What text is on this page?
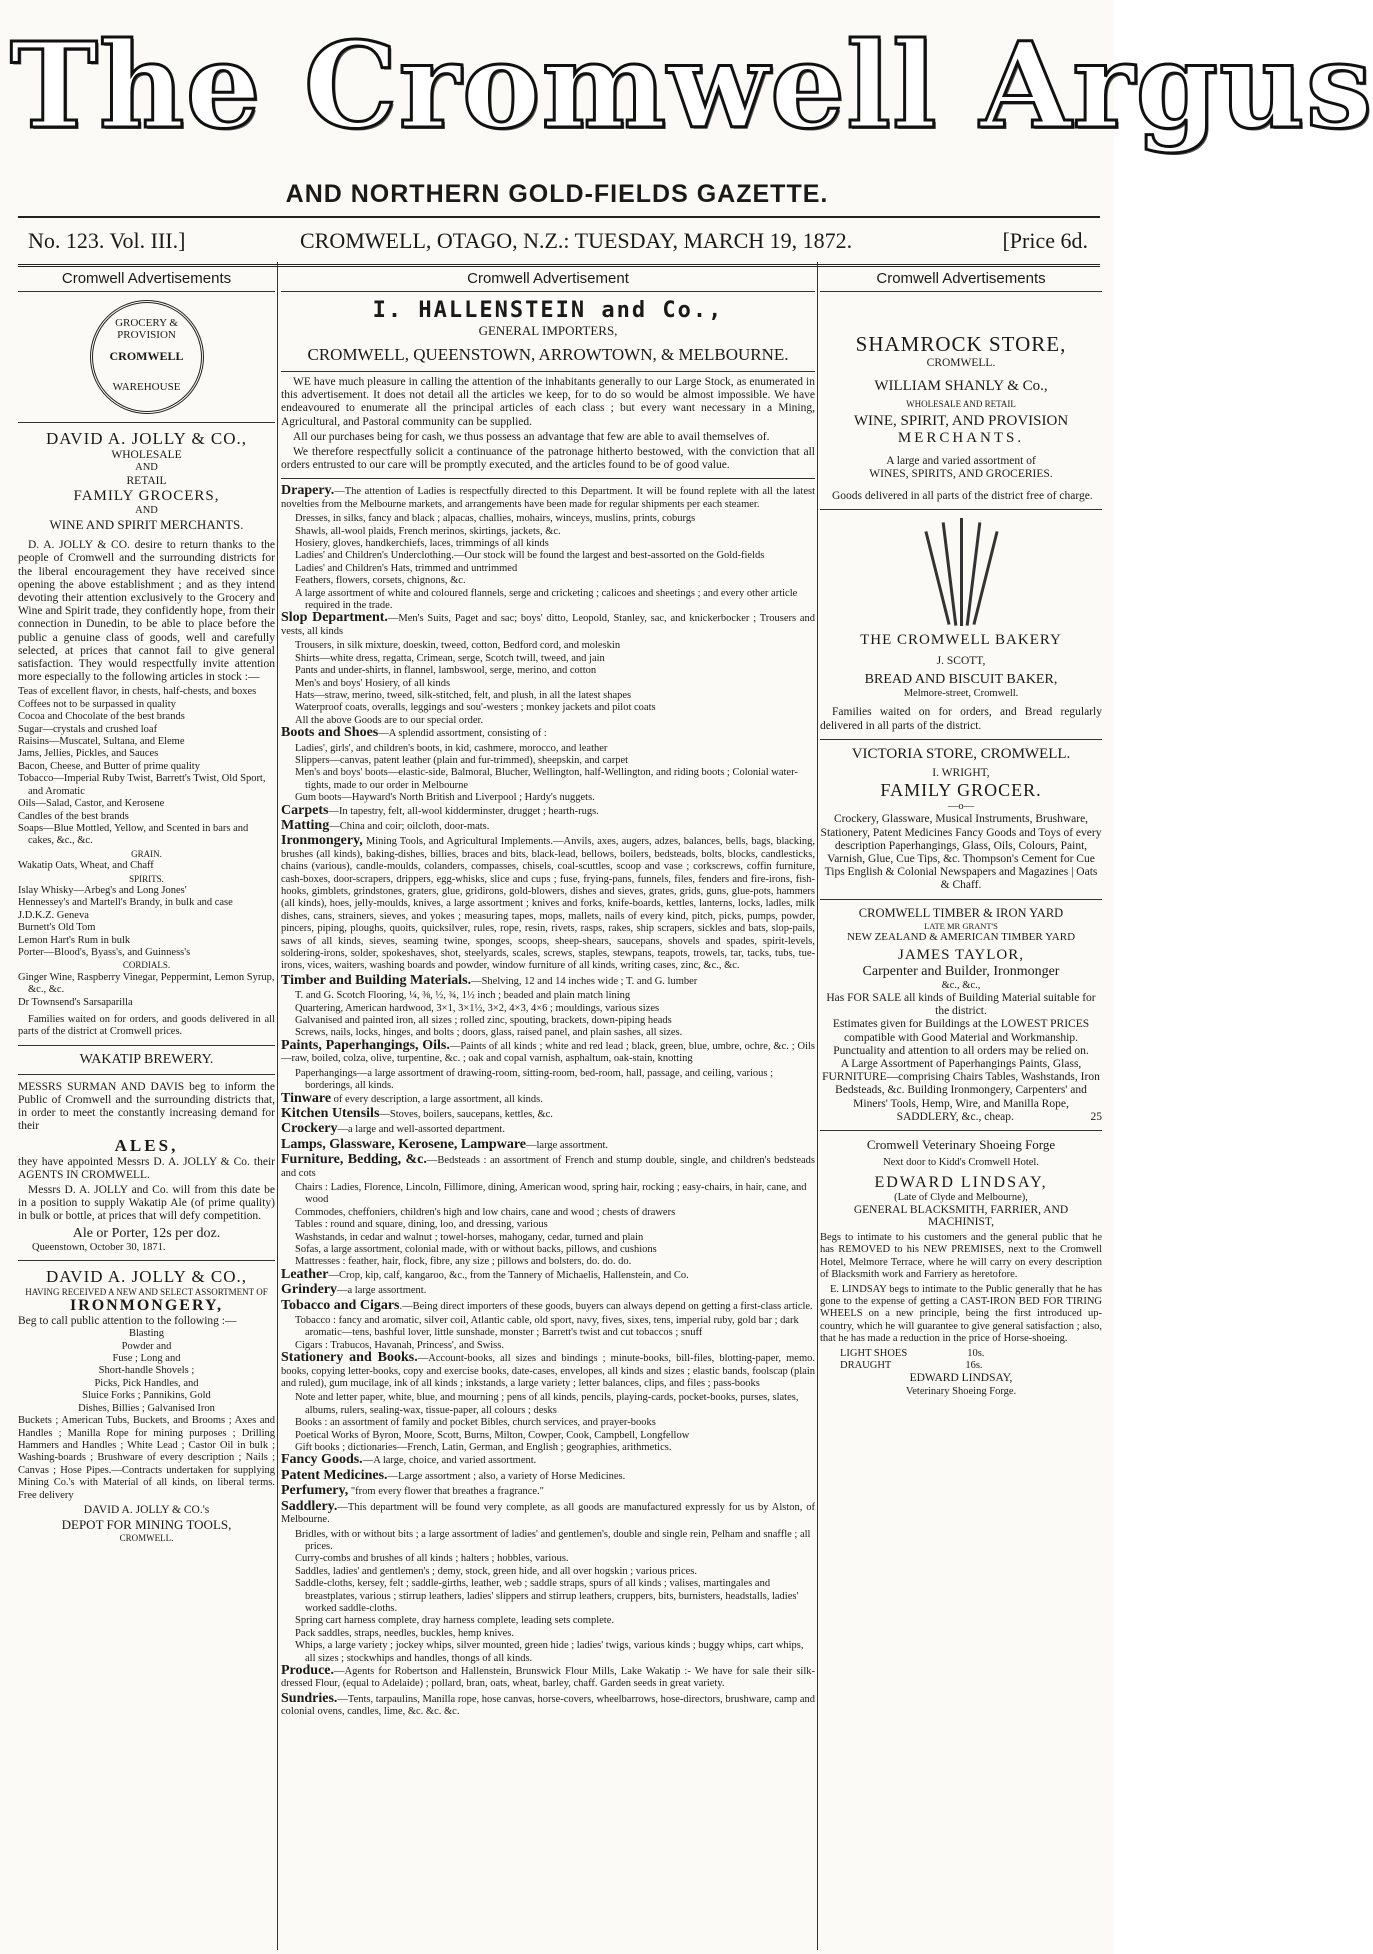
The Cromwell Argus
AND NORTHERN GOLD-FIELDS GAZETTE.
No. 123. Vol. III.]	CROMWELL, OTAGO, N.Z.: TUESDAY, MARCH 19, 1872.	[Price 6d.
Cromwell Advertisements
GROCERY & PROVISION
CROMWELL
WAREHOUSE
DAVID A. JOLLY & CO.,
WHOLESALE
AND
RETAIL
FAMILY GROCERS,
AND
WINE AND SPIRIT MERCHANTS.
D. A. JOLLY & CO. desire to return thanks to the people of Cromwell and the surrounding districts for the liberal encouragement they have received since opening the above establishment ; and as they intend devoting their attention exclusively to the Grocery and Wine and Spirit trade, they confidently hope, from their connection in Dunedin, to be able to place before the public a genuine class of goods, well and carefully selected, at prices that cannot fail to give general satisfaction. They would respectfully invite attention more especially to the following articles in stock :—
Teas of excellent flavor, in chests, half-chests, and boxes
Coffees not to be surpassed in quality
Cocoa and Chocolate of the best brands
Sugar—crystals and crushed loaf
Raisins—Muscatel, Sultana, and Eleme
Jams, Jellies, Pickles, and Sauces
Bacon, Cheese, and Butter of prime quality
Tobacco—Imperial Ruby Twist, Barrett's Twist, Old Sport, and Aromatic
Oils—Salad, Castor, and Kerosene
Candles of the best brands
Soaps—Blue Mottled, Yellow, and Scented in bars and cakes, &c., &c.
GRAIN.
Wakatip Oats, Wheat, and Chaff
SPIRITS.
Islay Whisky—Arbeg's and Long Jones'
Hennessey's and Martell's Brandy, in bulk and case
J.D.K.Z. Geneva
Burnett's Old Tom
Lemon Hart's Rum in bulk
Porter—Blood's, Byass's, and Guinness's
CORDIALS.
Ginger Wine, Raspberry Vinegar, Peppermint, Lemon Syrup, &c., &c.
Dr Townsend's Sarsaparilla
Families waited on for orders, and goods delivered in all parts of the district at Cromwell prices.
WAKATIP BREWERY.
MESSRS SURMAN AND DAVIS beg to inform the Public of Cromwell and the surrounding districts that, in order to meet the constantly increasing demand for their
ALES,
they have appointed Messrs D. A. JOLLY & Co. their AGENTS IN CROMWELL.
Messrs D. A. JOLLY and Co. will from this date be in a position to supply Wakatip Ale (of prime quality) in bulk or bottle, at prices that will defy competition.
Ale or Porter, 12s per doz.
Queenstown, October 30, 1871.
DAVID A. JOLLY & CO.,
HAVING RECEIVED A NEW AND SELECT ASSORTMENT OF
IRONMONGERY,
Beg to call public attention to the following :—
Blasting
Powder and
Fuse ; Long and
Short-handle Shovels ;
Picks, Pick Handles, and
Sluice Forks ; Pannikins, Gold
Dishes, Billies ; Galvanised Iron
Buckets ; American Tubs, Buckets, and Brooms ; Axes and Handles ; Manilla Rope for mining purposes ; Drilling Hammers and Handles ; White Lead ; Castor Oil in bulk ; Washing-boards ; Brushware of every description ; Nails ; Canvas ; Hose Pipes.—Contracts undertaken for supplying Mining Co.'s with Material of all kinds, on liberal terms. Free delivery
DAVID A. JOLLY & CO.'s
DEPOT FOR MINING TOOLS,
CROMWELL.
Cromwell Advertisement
I. HALLENSTEIN and Co.,
GENERAL IMPORTERS,
CROMWELL, QUEENSTOWN, ARROWTOWN, & MELBOURNE.
WE have much pleasure in calling the attention of the inhabitants generally to our Large Stock, as enumerated in this advertisement. It does not detail all the articles we keep, for to do so would be almost impossible. We have endeavoured to enumerate all the principal articles of each class ; but every want necessary in a Mining, Agricultural, and Pastoral community can be supplied.
All our purchases being for cash, we thus possess an advantage that few are able to avail themselves of.
We therefore respectfully solicit a continuance of the patronage hitherto bestowed, with the conviction that all orders entrusted to our care will be promptly executed, and the articles found to be of good value.
Drapery.—The attention of Ladies is respectfully directed to this Department. It will be found replete with all the latest novelties from the Melbourne markets, and arrangements have been made for regular shipments per each steamer.
Dresses, in silks, fancy and black ; alpacas, challies, mohairs, winceys, muslins, prints, coburgs
Shawls, all-wool plaids, French merinos, skirtings, jackets, &c.
Hosiery, gloves, handkerchiefs, laces, trimmings of all kinds
Ladies' and Children's Underclothing.—Our stock will be found the largest and best-assorted on the Gold-fields
Ladies' and Children's Hats, trimmed and untrimmed
Feathers, flowers, corsets, chignons, &c.
A large assortment of white and coloured flannels, serge and cricketing ; calicoes and sheetings ; and every other article required in the trade.
Slop Department.—Men's Suits, Paget and sac; boys' ditto, Leopold, Stanley, sac, and knickerbocker ; Trousers and vests, all kinds
Trousers, in silk mixture, doeskin, tweed, cotton, Bedford cord, and moleskin
Shirts—white dress, regatta, Crimean, serge, Scotch twill, tweed, and jain
Pants and under-shirts, in flannel, lambswool, serge, merino, and cotton
Men's and boys' Hosiery, of all kinds
Hats—straw, merino, tweed, silk-stitched, felt, and plush, in all the latest shapes
Waterproof coats, overalls, leggings and sou'-westers ; monkey jackets and pilot coats
All the above Goods are to our special order.
Boots and Shoes—A splendid assortment, consisting of :
Ladies', girls', and children's boots, in kid, cashmere, morocco, and leather
Slippers—canvas, patent leather (plain and fur-trimmed), sheepskin, and carpet
Men's and boys' boots—elastic-side, Balmoral, Blucher, Wellington, half-Wellington, and riding boots ; Colonial water-tights, made to our order in Melbourne
Gum boots—Hayward's North British and Liverpool ; Hardy's nuggets.
Carpets—In tapestry, felt, all-wool kidderminster, drugget ; hearth-rugs.
Matting—China and coir; oilcloth, door-mats.
Ironmongery, Mining Tools, and Agricultural Implements.—Anvils, axes, augers, adzes, balances, bells, bags, blacking, brushes (all kinds), baking-dishes, billies, braces and bits, black-lead, bellows, boilers, bedsteads, bolts, blocks, candlesticks, chains (various), candle-moulds, colanders, compasses, chisels, coal-scuttles, scoop and vase ; corkscrews, coffin furniture, cash-boxes, door-scrapers, drippers, egg-whisks, slice and cups ; fuse, frying-pans, funnels, files, fenders and fire-irons, fish-hooks, gimblets, grindstones, graters, glue, gridirons, gold-blowers, dishes and sieves, grates, grids, guns, glue-pots, hammers (all kinds), hoes, jelly-moulds, knives, a large assortment ; knives and forks, knife-boards, kettles, lanterns, locks, ladles, milk dishes, cans, strainers, sieves, and yokes ; measuring tapes, mops, mallets, nails of every kind, pitch, picks, pumps, powder, pincers, piping, ploughs, quoits, quicksilver, rules, rope, resin, rivets, rasps, rakes, ship scrapers, sickles and bats, slop-pails, saws of all kinds, sieves, seaming twine, sponges, scoops, sheep-shears, saucepans, shovels and spades, spirit-levels, soldering-irons, solder, spokeshaves, shot, steelyards, scales, screws, staples, stewpans, teapots, trowels, tar, tacks, tubs, tue-irons, vices, waiters, washing boards and powder, window furniture of all kinds, writing cases, zinc, &c., &c.
Timber and Building Materials.—Shelving, 12 and 14 inches wide ; T. and G. lumber
T. and G. Scotch Flooring, ¼, ⅜, ½, ¾, 1½ inch ; beaded and plain match lining
Quartering, American hardwood, 3×1, 3×1½, 3×2, 4×3, 4×6 ; mouldings, various sizes
Galvanised and painted iron, all sizes ; rolled zinc, spouting, brackets, down-piping heads
Screws, nails, locks, hinges, and bolts ; doors, glass, raised panel, and plain sashes, all sizes.
Paints, Paperhangings, Oils.—Paints of all kinds ; white and red lead ; black, green, blue, umbre, ochre, &c. ; Oils—raw, boiled, colza, olive, turpentine, &c. ; oak and copal varnish, asphaltum, oak-stain, knotting
Paperhangings—a large assortment of drawing-room, sitting-room, bed-room, hall, passage, and ceiling, various ; borderings, all kinds.
Tinware of every description, a large assortment, all kinds.
Kitchen Utensils—Stoves, boilers, saucepans, kettles, &c.
Crockery—a large and well-assorted department.
Lamps, Glassware, Kerosene, Lampware—large assortment.
Furniture, Bedding, &c.—Bedsteads : an assortment of French and stump double, single, and children's bedsteads and cots
Chairs : Ladies, Florence, Lincoln, Fillimore, dining, American wood, spring hair, rocking ; easy-chairs, in hair, cane, and wood
Commodes, cheffoniers, children's high and low chairs, cane and wood ; chests of drawers
Tables : round and square, dining, loo, and dressing, various
Washstands, in cedar and walnut ; towel-horses, mahogany, cedar, turned and plain
Sofas, a large assortment, colonial made, with or without backs, pillows, and cushions
Mattresses : feather, hair, flock, fibre, any size ; pillows and bolsters, do. do. do.
Leather—Crop, kip, calf, kangaroo, &c., from the Tannery of Michaelis, Hallenstein, and Co.
Grindery—a large assortment.
Tobacco and Cigars.—Being direct importers of these goods, buyers can always depend on getting a first-class article.
Tobacco : fancy and aromatic, silver coil, Atlantic cable, old sport, navy, fives, sixes, tens, imperial ruby, gold bar ; dark aromatic—tens, bashful lover, little sunshade, monster ; Barrett's twist and cut tobaccos ; snuff
Cigars : Trabucos, Havanah, Princess', and Swiss.
Stationery and Books.—Account-books, all sizes and bindings ; minute-books, bill-files, blotting-paper, memo. books, copying letter-books, copy and exercise books, date-cases, envelopes, all kinds and sizes ; elastic bands, foolscap (plain and ruled), gum mucilage, ink of all kinds ; inkstands, a large variety ; letter balances, clips, and files ; pass-books
Note and letter paper, white, blue, and mourning ; pens of all kinds, pencils, playing-cards, pocket-books, purses, slates, albums, rulers, sealing-wax, tissue-paper, all colours ; desks
Books : an assortment of family and pocket Bibles, church services, and prayer-books
Poetical Works of Byron, Moore, Scott, Burns, Milton, Cowper, Cook, Campbell, Longfellow
Gift books ; dictionaries—French, Latin, German, and English ; geographies, arithmetics.
Fancy Goods.—A large, choice, and varied assortment.
Patent Medicines.—Large assortment ; also, a variety of Horse Medicines.
Perfumery, "from every flower that breathes a fragrance."
Saddlery.—This department will be found very complete, as all goods are manufactured expressly for us by Alston, of Melbourne.
Bridles, with or without bits ; a large assortment of ladies' and gentlemen's, double and single rein, Pelham and snaffle ; all prices.
Curry-combs and brushes of all kinds ; halters ; hobbles, various.
Saddles, ladies' and gentlemen's ; demy, stock, green hide, and all over hogskin ; various prices.
Saddle-cloths, kersey, felt ; saddle-girths, leather, web ; saddle straps, spurs of all kinds ; valises, martingales and breastplates, various ; stirrup leathers, ladies' slippers and stirrup leathers, cruppers, bits, burnisters, headstalls, ladies' worked saddle-cloths.
Spring cart harness complete, dray harness complete, leading sets complete.
Pack saddles, straps, needles, buckles, hemp knives.
Whips, a large variety ; jockey whips, silver mounted, green hide ; ladies' twigs, various kinds ; buggy whips, cart whips, all sizes ; stockwhips and handles, thongs of all kinds.
Produce.—Agents for Robertson and Hallenstein, Brunswick Flour Mills, Lake Wakatip :- We have for sale their silk-dressed Flour, (equal to Adelaide) ; pollard, bran, oats, wheat, barley, chaff. Garden seeds in great variety.
Sundries.—Tents, tarpaulins, Manilla rope, hose canvas, horse-covers, wheelbarrows, hose-directors, brushware, camp and colonial ovens, candles, lime, &c. &c. &c.
Cromwell Advertisements
SHAMROCK STORE,
CROMWELL.
WILLIAM SHANLY & Co.,
WHOLESALE AND RETAIL
WINE, SPIRIT, AND PROVISION
MERCHANTS.
A large and varied assortment of
WINES, SPIRITS, AND GROCERIES.
Goods delivered in all parts of the district free of charge.
THE CROMWELL BAKERY
J. SCOTT,
BREAD AND BISCUIT BAKER,
Melmore-street, Cromwell.
Families waited on for orders, and Bread regularly delivered in all parts of the district.
VICTORIA STORE, CROMWELL.
I. WRIGHT,
FAMILY GROCER.
—o—
Crockery, Glassware, Musical Instruments, Brushware, Stationery, Patent Medicines Fancy Goods and Toys of every description Paperhangings, Glass, Oils, Colours, Paint, Varnish, Glue, Cue Tips, &c. Thompson's Cement for Cue Tips English & Colonial Newspapers and Magazines | Oats & Chaff.
CROMWELL TIMBER & IRON YARD
LATE MR GRANT'S
NEW ZEALAND & AMERICAN TIMBER YARD
JAMES TAYLOR,
Carpenter and Builder, Ironmonger
&c., &c.,
Has FOR SALE all kinds of Building Material suitable for the district.
Estimates given for Buildings at the LOWEST PRICES compatible with Good Material and Workmanship.
Punctuality and attention to all orders may be relied on.
A Large Assortment of Paperhangings Paints, Glass, FURNITURE—comprising Chairs Tables, Washstands, Iron Bedsteads, &c. Building Ironmongery, Carpenters' and Miners' Tools, Hemp, Wire, and Manilla Rope,
SADDLERY, &c., cheap.	25
Cromwell Veterinary Shoeing Forge
Next door to Kidd's Cromwell Hotel.
EDWARD LINDSAY,
(Late of Clyde and Melbourne),
GENERAL BLACKSMITH, FARRIER, AND MACHINIST,
Begs to intimate to his customers and the general public that he has REMOVED to his NEW PREMISES, next to the Cromwell Hotel, Melmore Terrace, where he will carry on every description of Blacksmith work and Farriery as heretofore.
E. LINDSAY begs to intimate to the Public generally that he has gone to the expense of getting a CAST-IRON BED FOR TIRING WHEELS on a new principle, being the first introduced up-country, which he will guarantee to give general satisfaction ; also, that he has made a reduction in the price of Horse-shoeing.
LIGHT SHOES	10s.
DRAUGHT	16s.
EDWARD LINDSAY,
Veterinary Shoeing Forge.
